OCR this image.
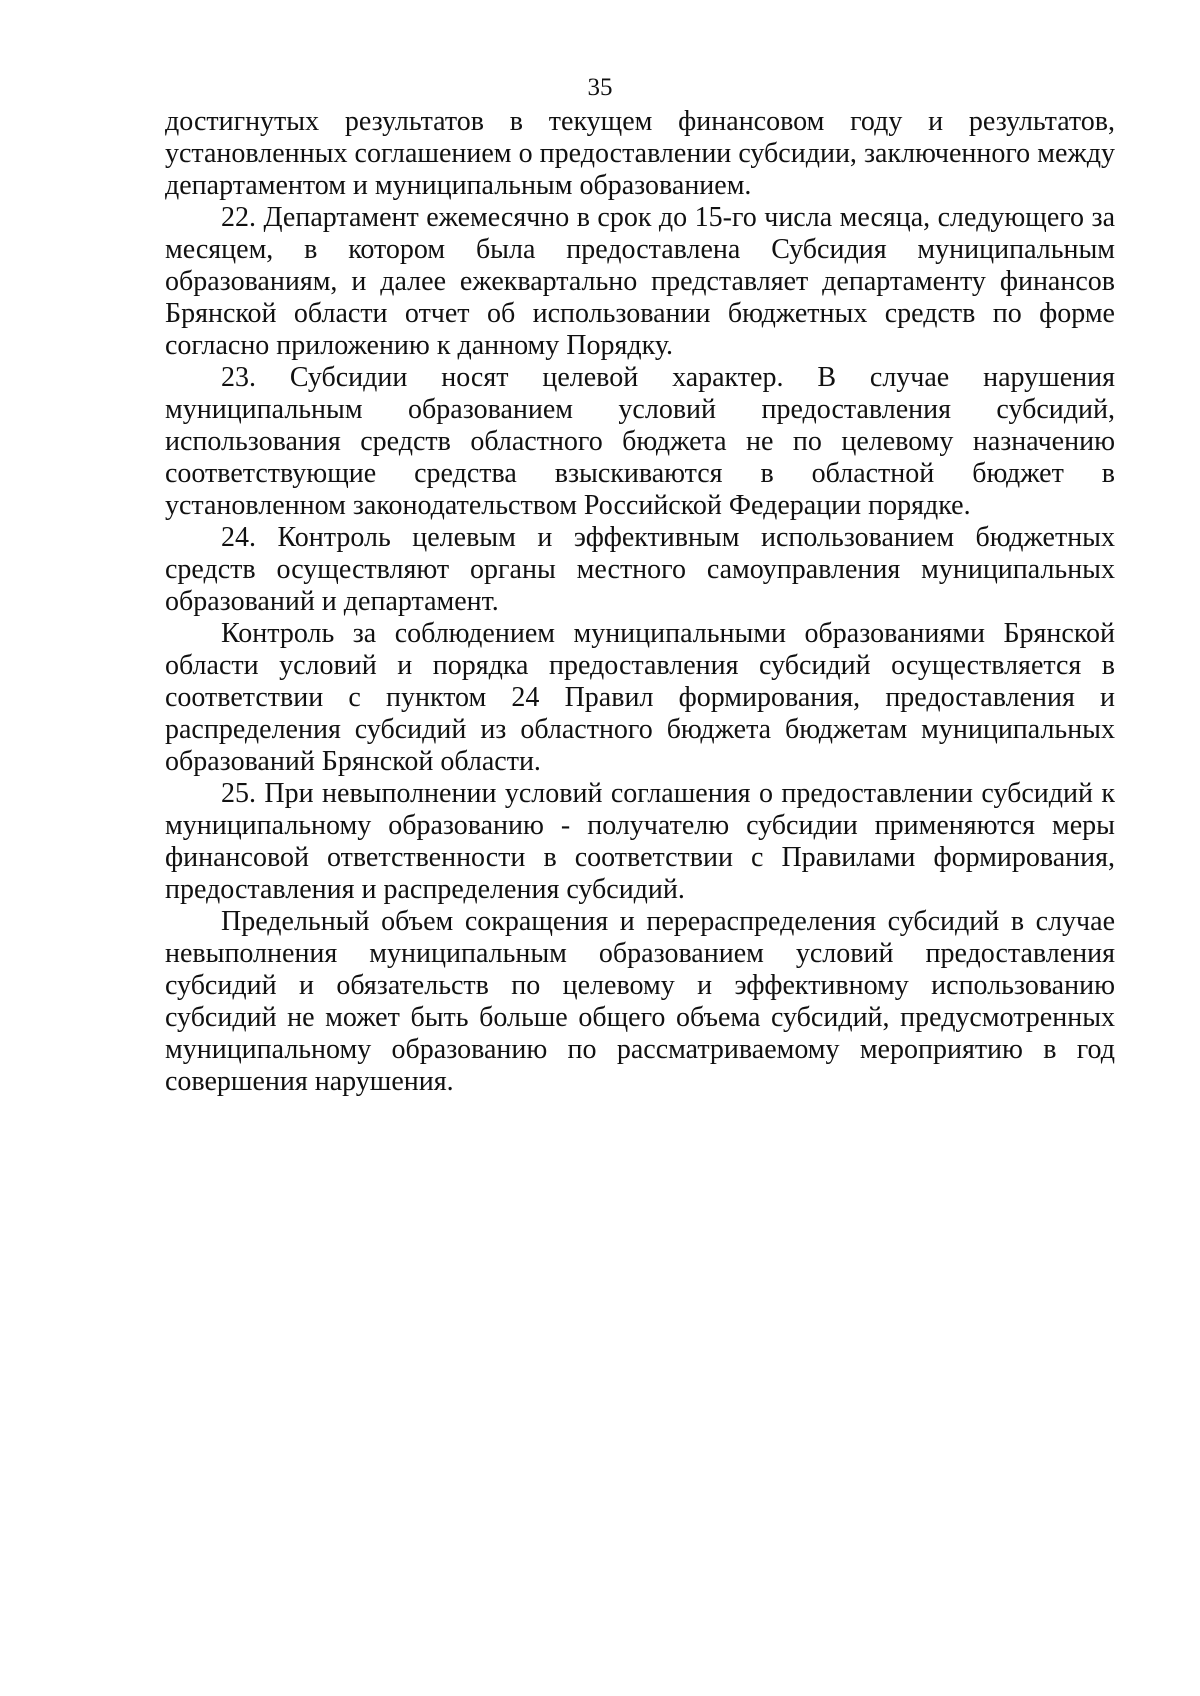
35

достигнутых результатов в текущем финансовом году и результатов, установленных соглашением о предоставлении субсидии, заключенного между департаментом и муниципальным образованием.

22. Департамент ежемесячно в срок до 15-го числа месяца, следующего за месяцем, в котором была предоставлена Субсидия муниципальным образованиям, и далее ежеквартально представляет департаменту финансов Брянской области отчет об использовании бюджетных средств по форме согласно приложению к данному Порядку.

23. Субсидии носят целевой характер. В случае нарушения муниципальным образованием условий предоставления субсидий, использования средств областного бюджета не по целевому назначению соответствующие средства взыскиваются в областной бюджет в установленном законодательством Российской Федерации порядке.

24. Контроль целевым и эффективным использованием бюджетных средств осуществляют органы местного самоуправления муниципальных образований и департамент.

Контроль за соблюдением муниципальными образованиями Брянской области условий и порядка предоставления субсидий осуществляется в соответствии с пунктом 24 Правил формирования, предоставления и распределения субсидий из областного бюджета бюджетам муниципальных образований Брянской области.

25. При невыполнении условий соглашения о предоставлении субсидий к муниципальному образованию - получателю субсидии применяются меры финансовой ответственности в соответствии с Правилами формирования, предоставления и распределения субсидий.

Предельный объем сокращения и перераспределения субсидий в случае невыполнения муниципальным образованием условий предоставления субсидий и обязательств по целевому и эффективному использованию субсидий не может быть больше общего объема субсидий, предусмотренных муниципальному образованию по рассматриваемому мероприятию в год совершения нарушения.
